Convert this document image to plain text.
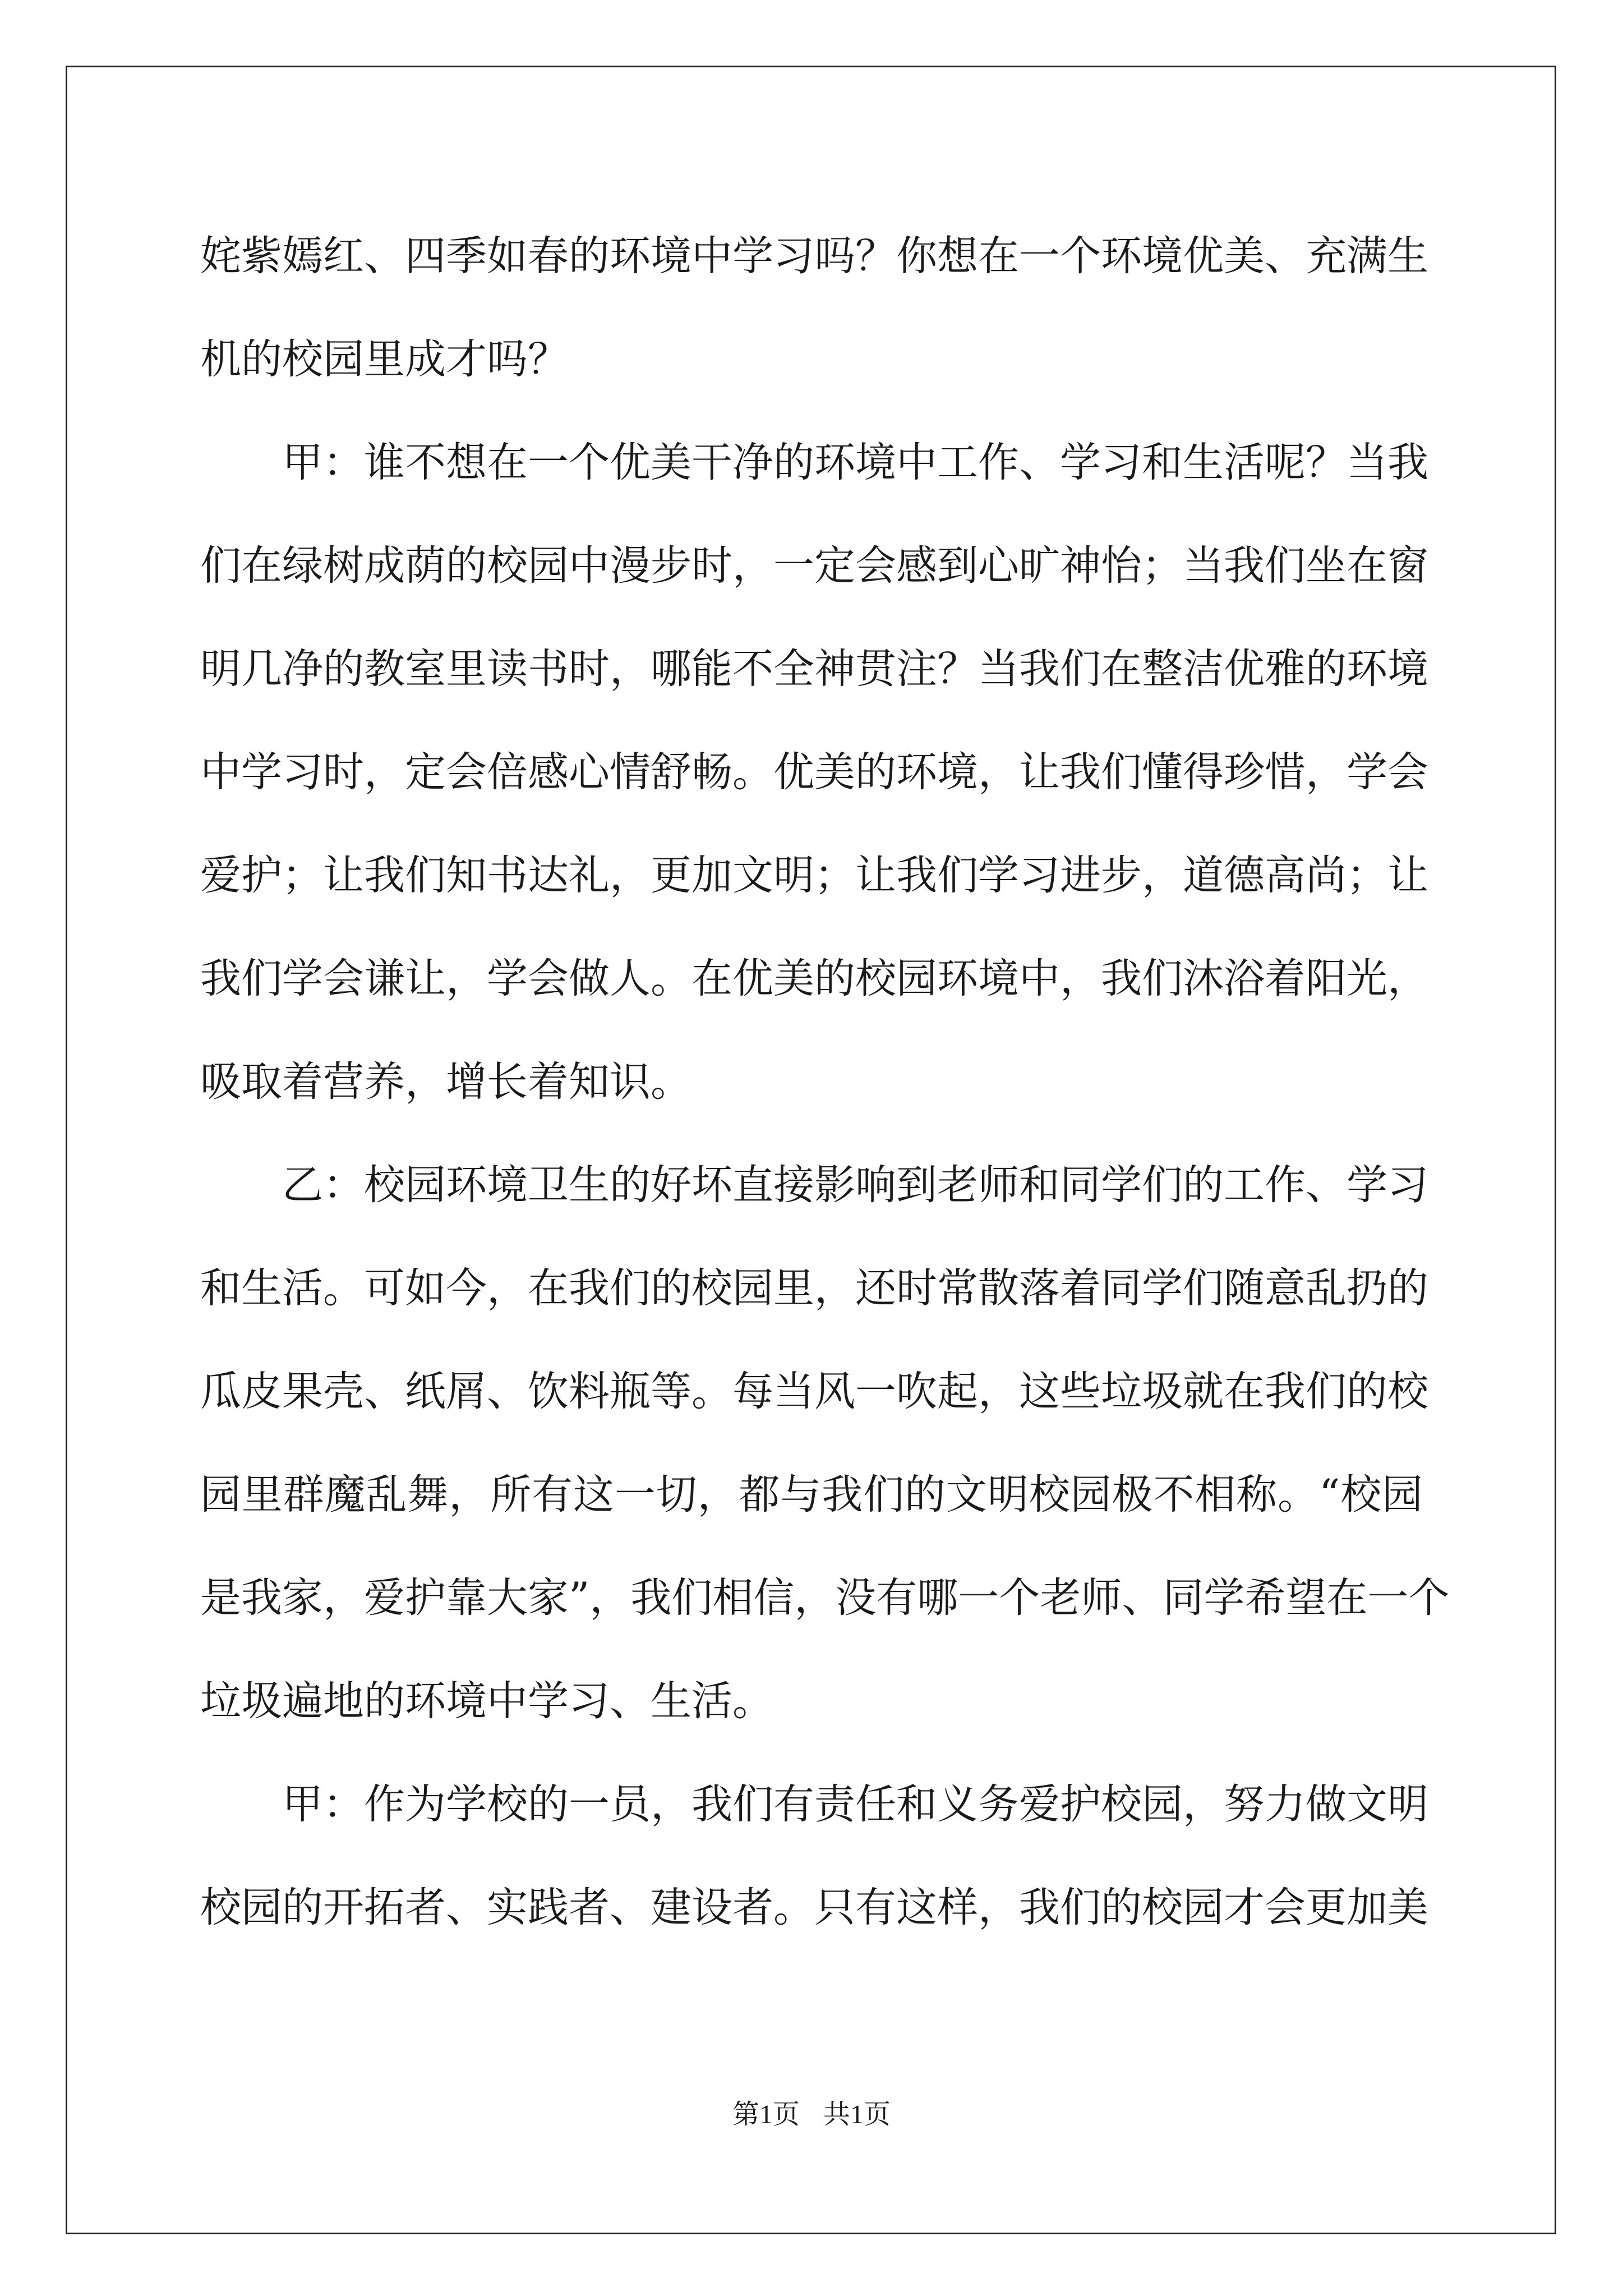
姹紫嫣红、四季如春的环境中学习吗？你想在一个环境优美、充满生
机的校园里成才吗？
甲：谁不想在一个优美干净的环境中工作、学习和生活呢？当我
们在绿树成荫的校园中漫步时，一定会感到心旷神怡；当我们坐在窗
明几净的教室里读书时，哪能不全神贯注？当我们在整洁优雅的环境
中学习时，定会倍感心情舒畅。优美的环境，让我们懂得珍惜，学会
爱护；让我们知书达礼，更加文明；让我们学习进步，道德高尚；让
我们学会谦让，学会做人。在优美的校园环境中，我们沐浴着阳光，
吸取着营养，增长着知识。
乙：校园环境卫生的好坏直接影响到老师和同学们的工作、学习
和生活。可如今，在我们的校园里，还时常散落着同学们随意乱扔的
瓜皮果壳、纸屑、饮料瓶等。每当风一吹起，这些垃圾就在我们的校
园里群魔乱舞，所有这一切，都与我们的文明校园极不相称。“校园
是我家，爱护靠大家”，我们相信，没有哪一个老师、同学希望在一个
垃圾遍地的环境中学习、生活。
甲：作为学校的一员，我们有责任和义务爱护校园，努力做文明
校园的开拓者、实践者、建设者。只有这样，我们的校园才会更加美
第1页 共1页
